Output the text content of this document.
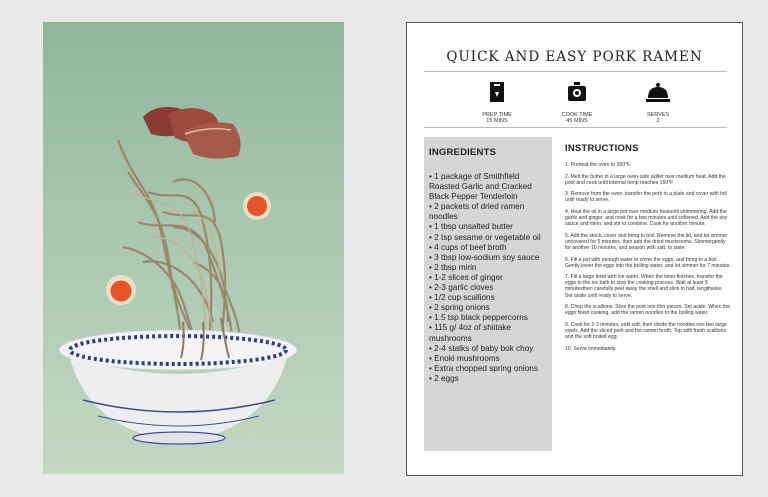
QUICK AND EASY PORK RAMEN
PREP TIME
15 MINS
COOK TIME
45 MINS
SERVES
2
INGREDIENTS
• 1 package of Smithfield Roasted Garlic and Cracked Black Pepper Tenderloin
• 2 packets of dried ramen noodles
• 1 tbsp unsalted butter
• 2 tsp sesame or vegetable oil
• 4 cups of beef broth
• 3 tbsp low-sodium soy sauce
• 2 tbsp mirin
• 1-2 slices of ginger
• 2-3 garlic cloves
• 1/2 cup scallions
• 2 spring onions
• 1.5 tsp black peppercorns
• 115 g/ 4oz of shiitake mushrooms
• 2-4 stalks of baby bok choy
• Enoki mushrooms
• Extra chopped spring onions
• 2 eggs
INSTRUCTIONS
1. Preheat the oven to 350°F.
2. Melt the butter in a large oven-safe skillet over medium heat. Add the pork and cook until internal temp reaches 160°F
3. Remove from the oven, transfer the pork to a plate and cover with foil until ready to serve.
4. Heat the oil in a large pot over medium heatuntil shimmering. Add the garlic and ginger, and cook for a few minutes until softened. Add the soy sauce and mirin, and stir to combine. Cook for another minute.
5. Add the stock, cover and bring to boil. Remove the lid, and let simmer uncovered for 5 minutes, then add the dried mushrooms. Simmergently for another 10 minutes, and season with salt, to taste.
6. Fill a pot with enough water to cover the eggs, and bring to a boil. Gently lower the eggs into the boiling water, and let simmer for 7 minutes.
7. Fill a large bowl with ice water. When the timer finishes, transfer the eggs to the ice bath to stop the cooking process. Wait at least 5 minutesthen carefully peel away the shell and slice in half, lengthwise. Set aside until ready to serve.
8. Chop the scallions. Slice the pork into thin pieces. Set aside. When the eggs finish cooking, add the ramen noodles to the boiling water.
9. Cook for 2-3 minutes, until soft, then divide the noodles into two large vowls. Add the sliced pork and the ramen broth. Top with fresh scallions and the soft boiled egg.
10. Serve immediately.
